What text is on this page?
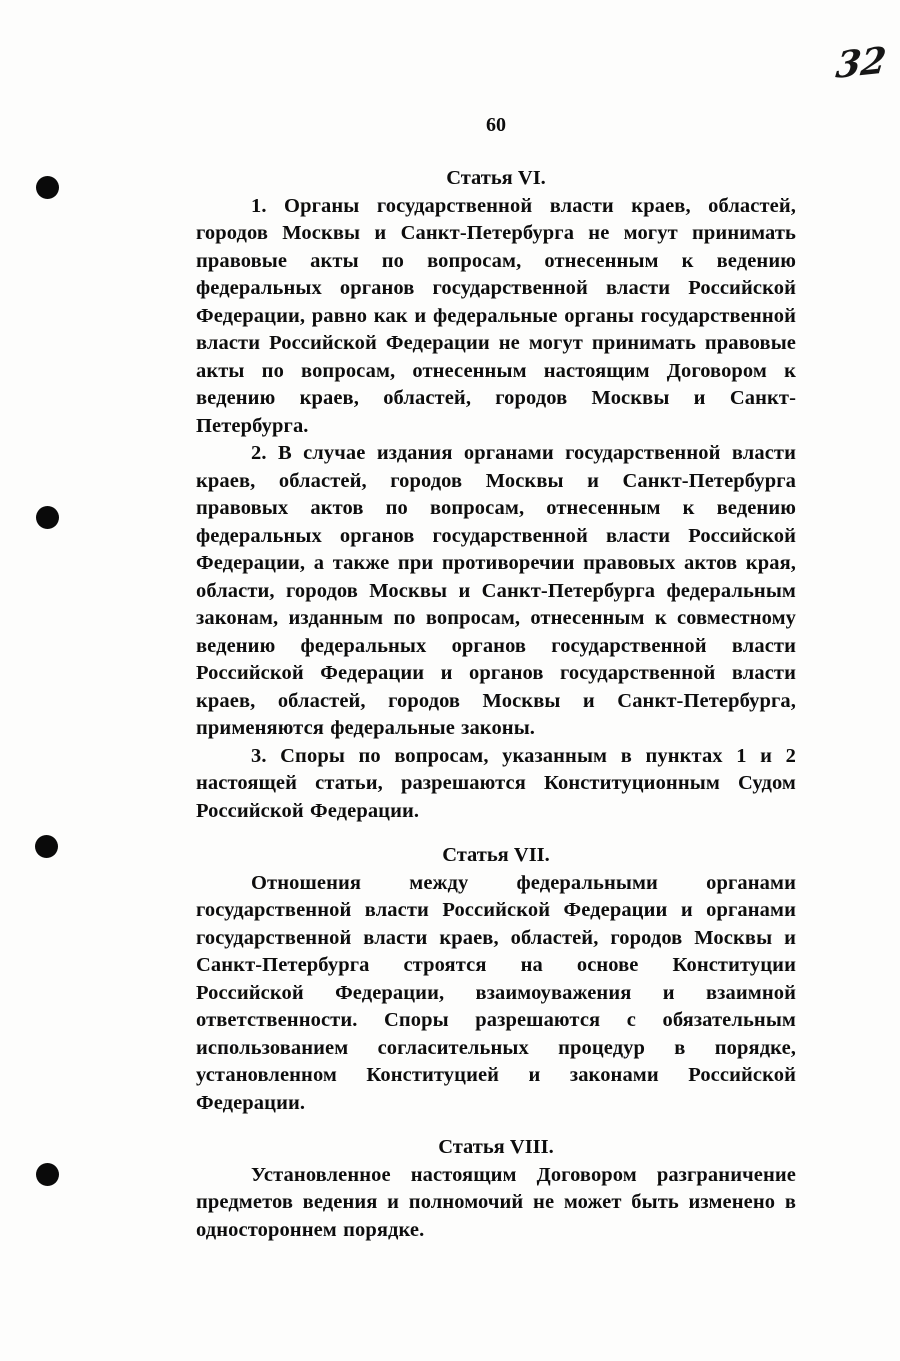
32
60
Статья VI.

1. Органы государственной власти краев, областей, городов Москвы и Санкт-Петербурга не могут принимать правовые акты по вопросам, отнесенным к ведению федеральных органов государственной власти Российской Федерации, равно как и федеральные органы государственной власти Российской Федерации не могут принимать правовые акты по вопросам, отнесенным настоящим Договором к ведению краев, областей, городов Москвы и Санкт-Петербурга.

2. В случае издания органами государственной власти краев, областей, городов Москвы и Санкт-Петербурга правовых актов по вопросам, отнесенным к ведению федеральных органов государственной власти Российской Федерации, а также при противоречии правовых актов края, области, городов Москвы и Санкт-Петербурга федеральным законам, изданным по вопросам, отнесенным к совместному ведению федеральных органов государственной власти Российской Федерации и органов государственной власти краев, областей, городов Москвы и Санкт-Петербурга, применяются федеральные законы.

3. Споры по вопросам, указанным в пунктах 1 и 2 настоящей статьи, разрешаются Конституционным Судом Российской Федерации.

Статья VII.

Отношения между федеральными органами государственной власти Российской Федерации и органами государственной власти краев, областей, городов Москвы и Санкт-Петербурга строятся на основе Конституции Российской Федерации, взаимоуважения и взаимной ответственности. Споры разрешаются с обязательным использованием согласительных процедур в порядке, установленном Конституцией и законами Российской Федерации.

Статья VIII.

Установленное настоящим Договором разграничение предметов ведения и полномочий не может быть изменено в одностороннем порядке.
